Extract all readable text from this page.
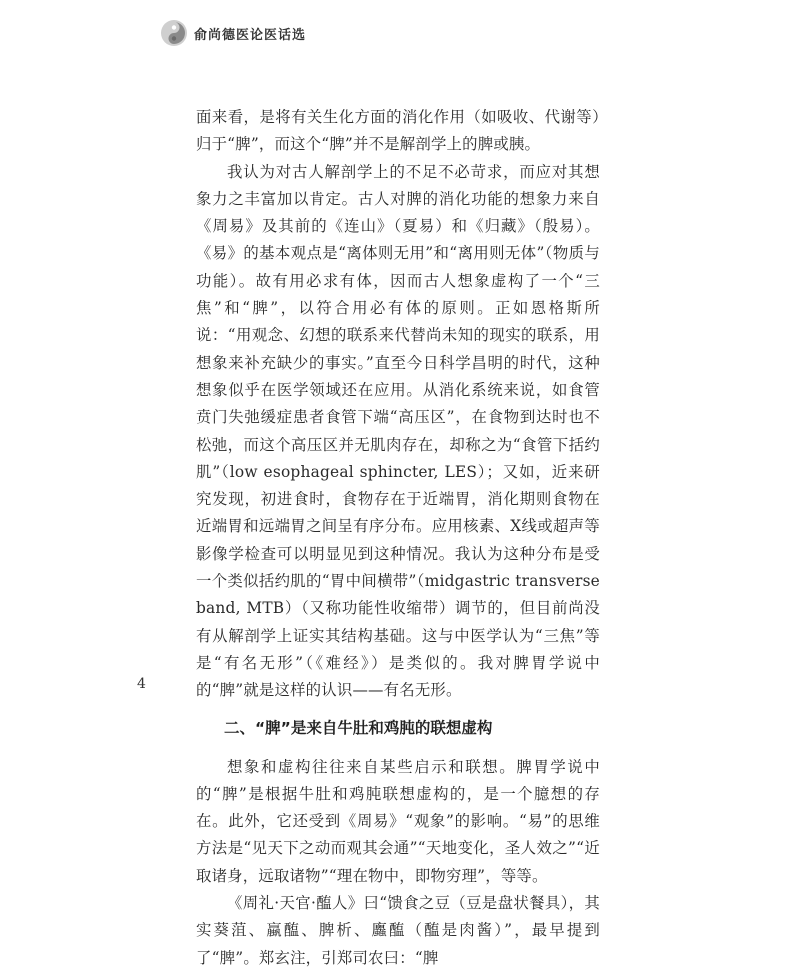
俞尚德医论医话选

面来看，是将有关生化方面的消化作用（如吸收、代谢等）归于“脾”，而这个“脾”并不是解剖学上的脾或胰。

我认为对古人解剖学上的不足不必苛求，而应对其想象力之丰富加以肯定。古人对脾的消化功能的想象力来自《周易》及其前的《连山》（夏易）和《归藏》（殷易）。《易》的基本观点是“离体则无用”和“离用则无体”（物质与功能）。故有用必求有体，因而古人想象虚构了一个“三焦”和“脾”，以符合用必有体的原则。正如恩格斯所说：“用观念、幻想的联系来代替尚未知的现实的联系，用想象来补充缺少的事实。”直至今日科学昌明的时代，这种想象似乎在医学领域还在应用。从消化系统来说，如食管贲门失弛缓症患者食管下端“高压区”，在食物到达时也不松弛，而这个高压区并无肌肉存在，却称之为“食管下括约肌”（low esophageal sphincter, LES）；又如，近来研究发现，初进食时，食物存在于近端胃，消化期则食物在近端胃和远端胃之间呈有序分布。应用核素、X线或超声等影像学检查可以明显见到这种情况。我认为这种分布是受一个类似括约肌的“胃中间横带”（midgastric transverse band, MTB）（又称功能性收缩带）调节的，但目前尚没有从解剖学上证实其结构基础。这与中医学认为“三焦”等是“有名无形”（《难经》）是类似的。我对脾胃学说中的“脾”就是这样的认识——有名无形。

二、“脾”是来自牛肚和鸡肫的联想虚构

想象和虚构往往来自某些启示和联想。脾胃学说中的“脾”是根据牛肚和鸡肫联想虚构的，是一个臆想的存在。此外，它还受到《周易》“观象”的影响。“易”的思维方法是“见天下之动而观其会通”“天地变化，圣人效之”“近取诸身，远取诸物”“理在物中，即物穷理”，等等。

《周礼·天官·醢人》曰“馈食之豆（豆是盘状餐具），其实葵菹、蠃醢、脾析、蠯醢（醢是肉酱）”，最早提到了“脾”。郑玄注，引郑司农曰：“脾

4
